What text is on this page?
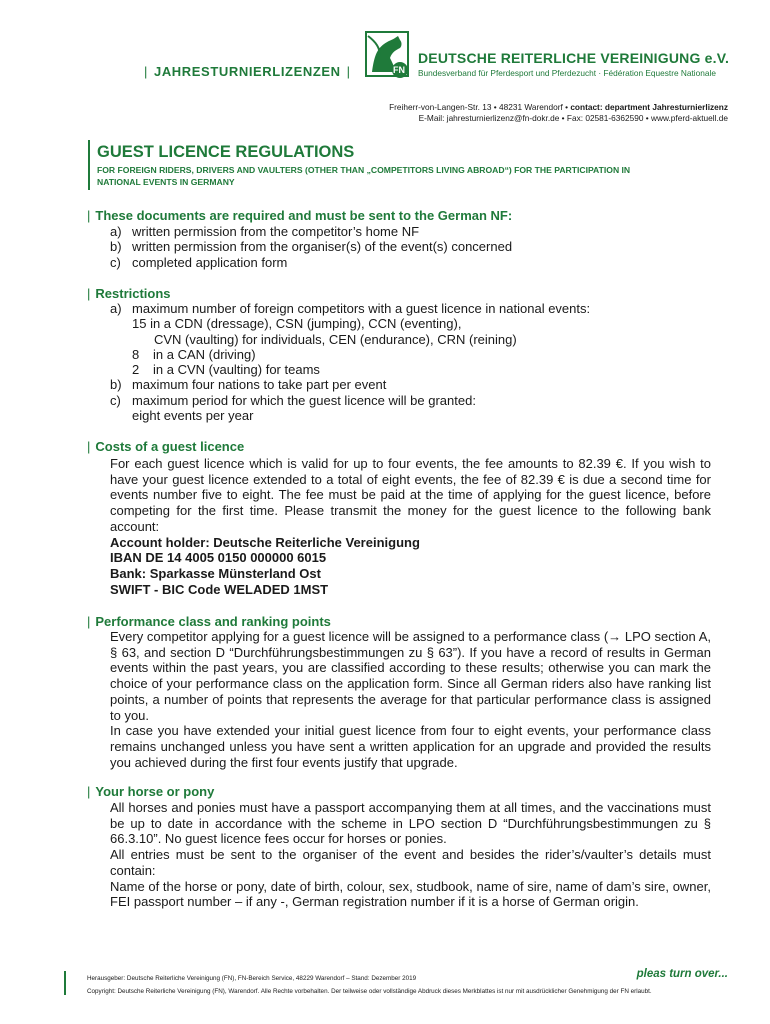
| JAHRESTURNIERLIZENZEN |	FN
DEUTSCHE REITERLICHE VEREINIGUNG e.V.
Bundesverband für Pferdesport und Pferdezucht · Fédération Equestre Nationale
Freiherr-von-Langen-Str. 13 • 48231 Warendorf • contact: department Jahresturnierlizenz
E-Mail: jahresturnierlizenz@fn-dokr.de • Fax: 02581-6362590 • www.pferd-aktuell.de
GUEST LICENCE REGULATIONS
FOR FOREIGN RIDERS, DRIVERS AND VAULTERS (OTHER THAN „COMPETITORS LIVING ABROAD“) FOR THE PARTICIPATION IN NATIONAL EVENTS IN GERMANY
| These documents are required and must be sent to the German NF:
a) written permission from the competitor’s home NF
b) written permission from the organiser(s) of the event(s) concerned
c) completed application form
| Restrictions
a) maximum number of foreign competitors with a guest licence in national events:
15 in a CDN (dressage), CSN (jumping), CCN (eventing),
CVN (vaulting) for individuals, CEN (endurance), CRN (reining)
8	in a CAN (driving)
2	in a CVN (vaulting) for teams
b) maximum four nations to take part per event
c) maximum period for which the guest licence will be granted:
eight events per year
| Costs of a guest licence

For each guest licence which is valid for up to four events, the fee amounts to 82.39 €. If you wish to have your guest licence extended to a total of eight events, the fee of 82.39 € is due a second time for events number five to eight. The fee must be paid at the time of applying for the guest licence, before competing for the first time. Please transmit the money for the guest licence to the following bank account:

Account holder: Deutsche Reiterliche Vereinigung
IBAN DE 14 4005 0150 000000 6015
Bank: Sparkasse Münsterland Ost
SWIFT - BIC Code WELADED 1MST
| Performance class and ranking points

Every competitor applying for a guest licence will be assigned to a performance class (→ LPO section A, § 63, and section D “Durchführungsbestimmungen zu § 63”). If you have a record of results in German events within the past years, you are classified according to these results; otherwise you can mark the choice of your performance class on the application form. Since all German riders also have ranking list points, a number of points that represents the average for that particular performance class is assigned to you.

In case you have extended your initial guest licence from four to eight events, your performance class remains unchanged unless you have sent a written application for an upgrade and provided the results you achieved during the first four events justify that upgrade.

| Your horse or pony

All horses and ponies must have a passport accompanying them at all times, and the vaccinations must be up to date in accordance with the scheme in LPO section D “Durchführungsbestimmungen zu § 66.3.10”. No guest licence fees occur for horses or ponies.

All entries must be sent to the organiser of the event and besides the rider’s/vaulter’s details must contain:

Name of the horse or pony, date of birth, colour, sex, studbook, name of sire, name of dam’s sire, owner, FEI passport number – if any -, German registration number if it is a horse of German origin.

Herausgeber: Deutsche Reiterliche Vereinigung (FN), FN-Bereich Service, 48229 Warendorf – Stand: Dezember 2019
Copyright: Deutsche Reiterliche Vereinigung (FN), Warendorf. Alle Rechte vorbehalten. Der teilweise oder vollständige Abdruck dieses Merkblattes ist nur mit ausdrücklicher Genehmigung der FN erlaubt.
pleas turn over...
